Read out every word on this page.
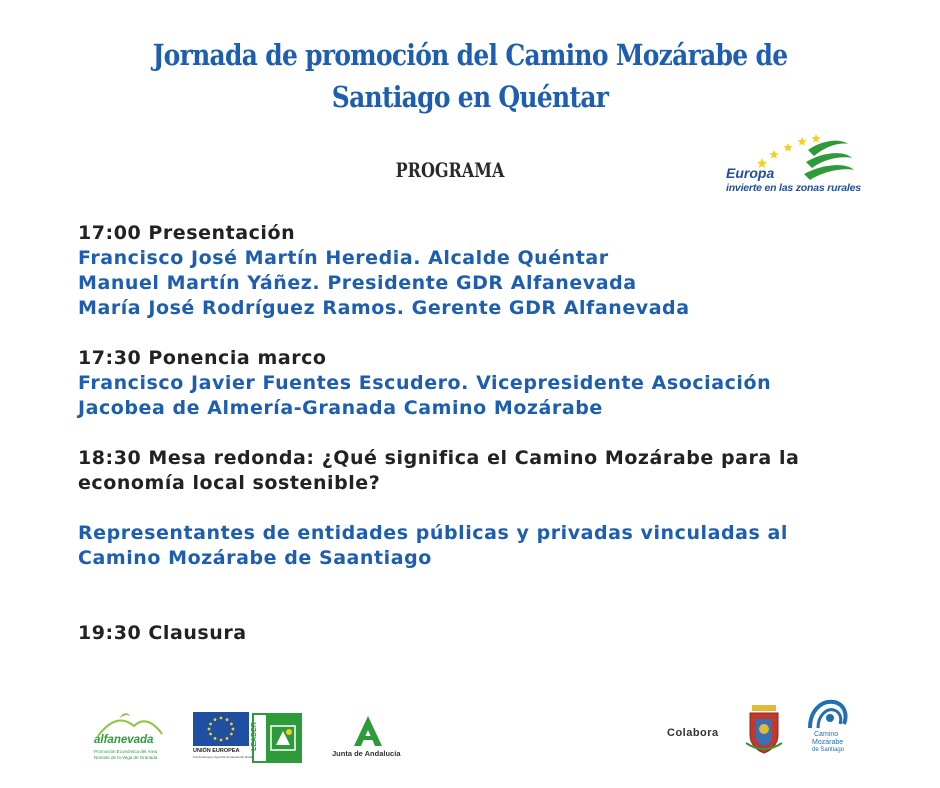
Jornada de promoción del Camino Mozárabe de
Santiago en Quéntar
PROGRAMA	Europa
invierte en las zonas rurales
17:00 Presentación
Francisco José Martín Heredia. Alcalde Quéntar
Manuel Martín Yáñez. Presidente GDR Alfanevada
María José Rodríguez Ramos. Gerente GDR Alfanevada
17:30 Ponencia marco
Francisco Javier Fuentes Escudero. Vicepresidente Asociación
Jacobea de Almería-Granada Camino Mozárabe
18:30 Mesa redonda: ¿Qué significa el Camino Mozárabe para la
economía local sostenible?
Representantes de entidades públicas y privadas vinculadas al
Camino Mozárabe de Saantiago
19:30 Clausura
alfanevada
Promoción Económica del Área
Noreste de la Vega de Granada
UNIÓN EUROPEA
Fondo Europeo Agrícola de Desarrollo Rural
LEADER
Junta de Andalucía
Colabora	Camino
Mozárabe
de Santiago
